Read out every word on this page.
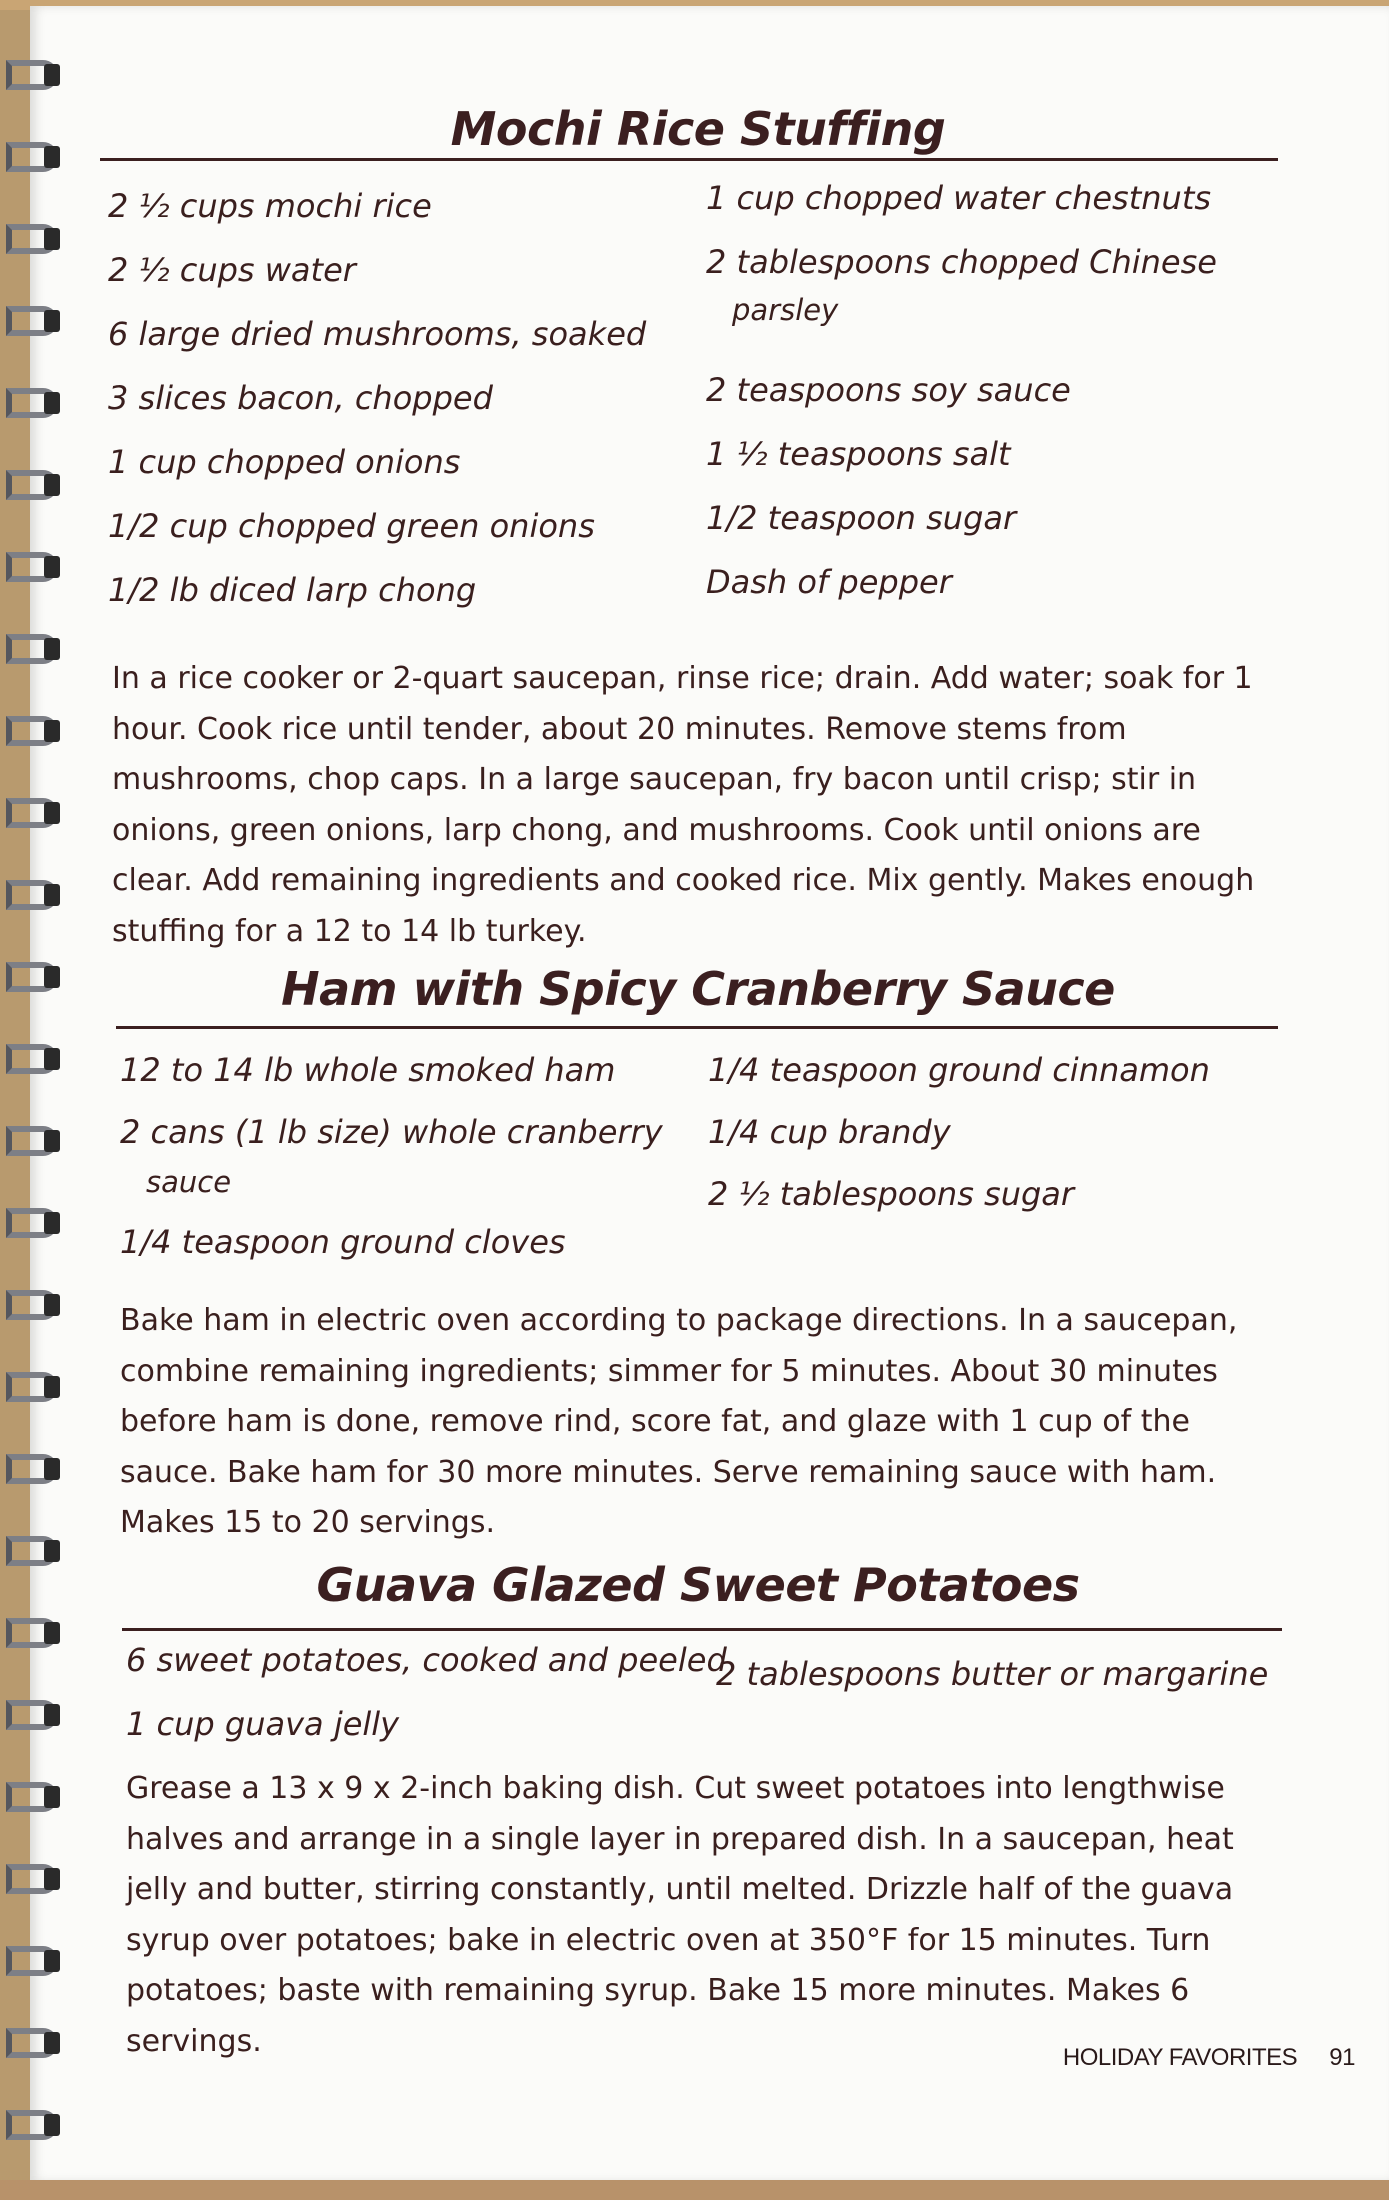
Mochi Rice Stuffing
2 ½ cups mochi rice
2 ½ cups water
6 large dried mushrooms, soaked
3 slices bacon, chopped
1 cup chopped onions
1/2 cup chopped green onions
1/2 lb diced larp chong
1 cup chopped water chestnuts
2 tablespoons chopped Chinese
parsley
2 teaspoons soy sauce
1 ½ teaspoons salt
1/2 teaspoon sugar
Dash of pepper

In a rice cooker or 2-quart saucepan, rinse rice; drain. Add water; soak for 1 hour. Cook rice until tender, about 20 minutes. Remove stems from mushrooms, chop caps. In a large saucepan, fry bacon until crisp; stir in onions, green onions, larp chong, and mushrooms. Cook until onions are clear. Add remaining ingredients and cooked rice. Mix gently. Makes enough stuffing for a 12 to 14 lb turkey.

Ham with Spicy Cranberry Sauce
12 to 14 lb whole smoked ham
2 cans (1 lb size) whole cranberry
sauce
1/4 teaspoon ground cloves
1/4 teaspoon ground cinnamon
1/4 cup brandy
2 ½ tablespoons sugar

Bake ham in electric oven according to package directions. In a saucepan, combine remaining ingredients; simmer for 5 minutes. About 30 minutes before ham is done, remove rind, score fat, and glaze with 1 cup of the sauce. Bake ham for 30 more minutes. Serve remaining sauce with ham. Makes 15 to 20 servings.

Guava Glazed Sweet Potatoes
6 sweet potatoes, cooked and peeled
1 cup guava jelly
2 tablespoons butter or margarine

Grease a 13 x 9 x 2-inch baking dish. Cut sweet potatoes into lengthwise halves and arrange in a single layer in prepared dish. In a saucepan, heat jelly and butter, stirring constantly, until melted. Drizzle half of the guava syrup over potatoes; bake in electric oven at 350°F for 15 minutes. Turn potatoes; baste with remaining syrup. Bake 15 more minutes. Makes 6 servings.	HOLIDAY FAVORITES 91
